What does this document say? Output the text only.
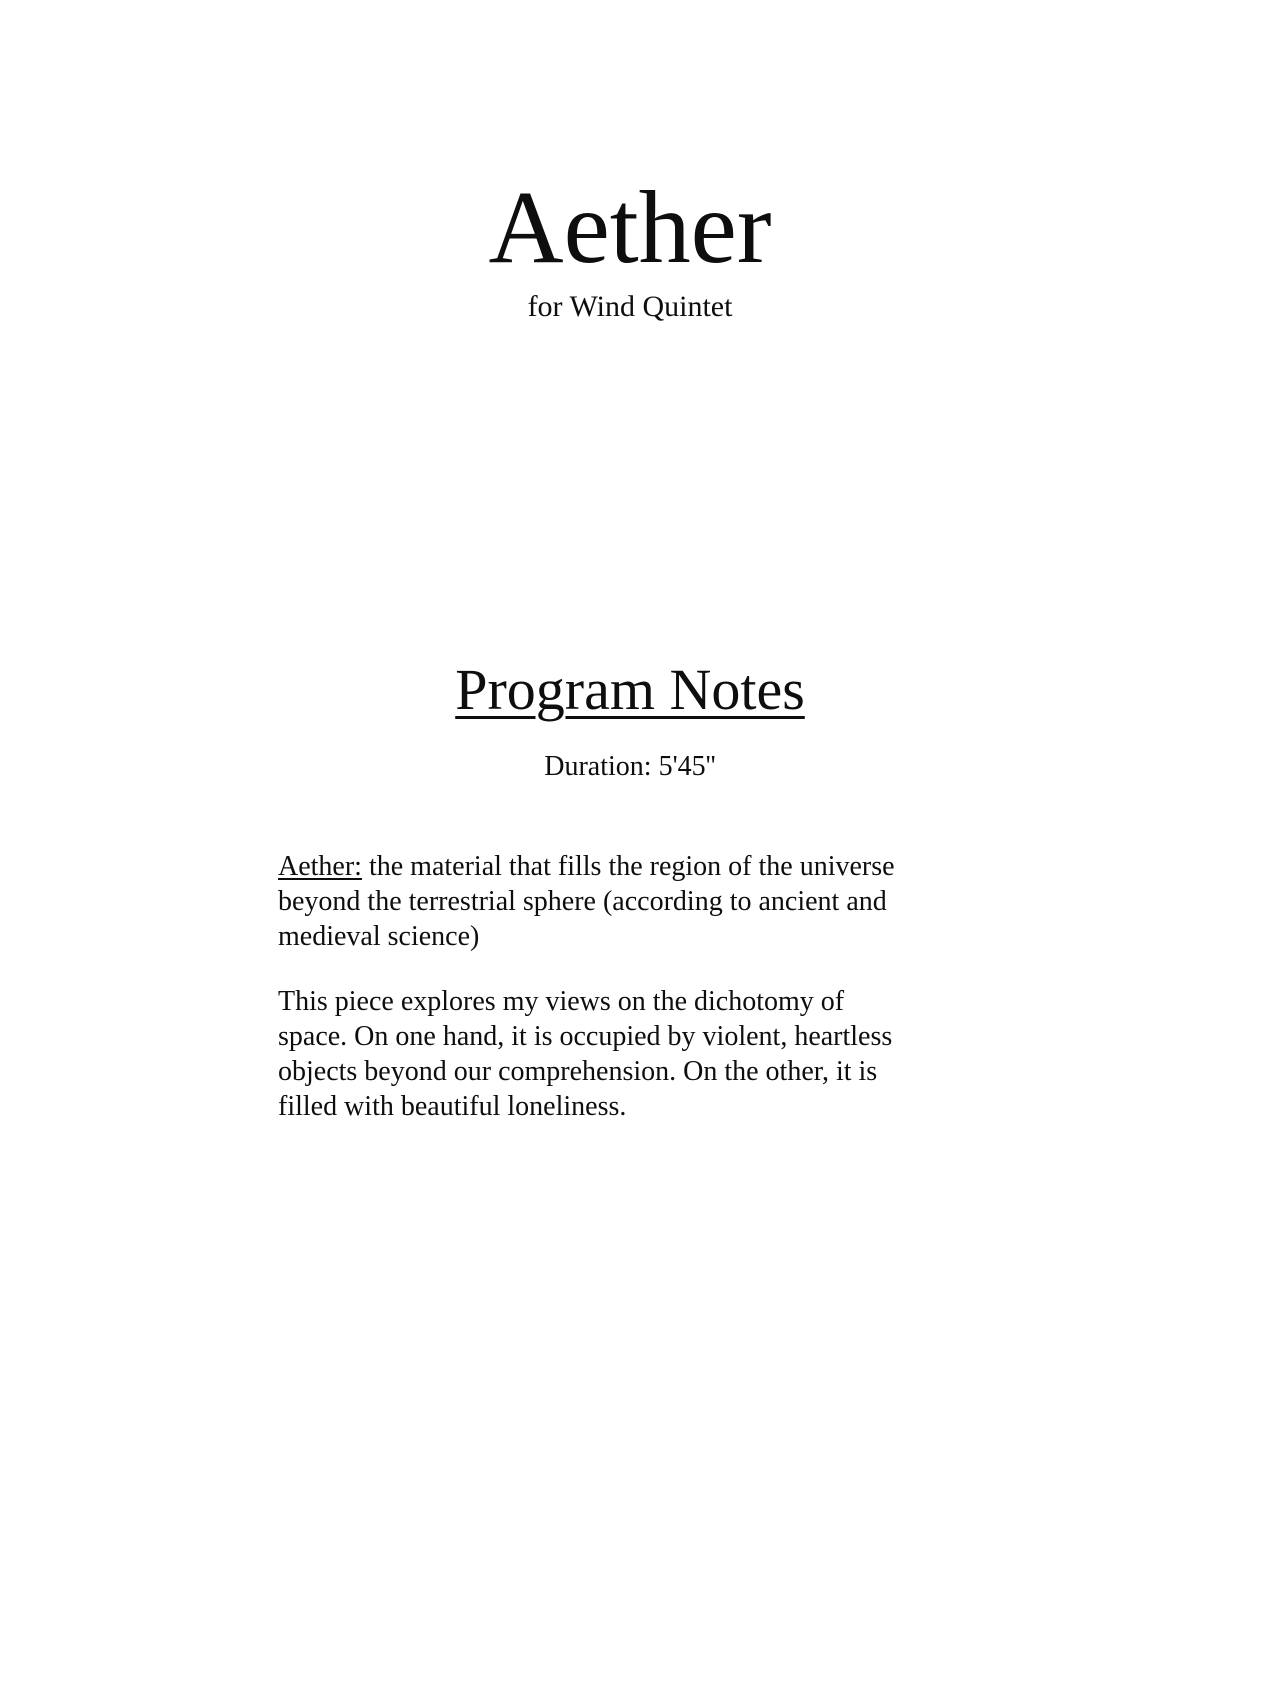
Aether
for Wind Quintet
Program Notes
Duration: 5'45''

Aether: the material that fills the region of the universe beyond the terrestrial sphere (according to ancient and medieval science)

This piece explores my views on the dichotomy of space. On one hand, it is occupied by violent, heartless objects beyond our comprehension. On the other, it is filled with beautiful loneliness.
